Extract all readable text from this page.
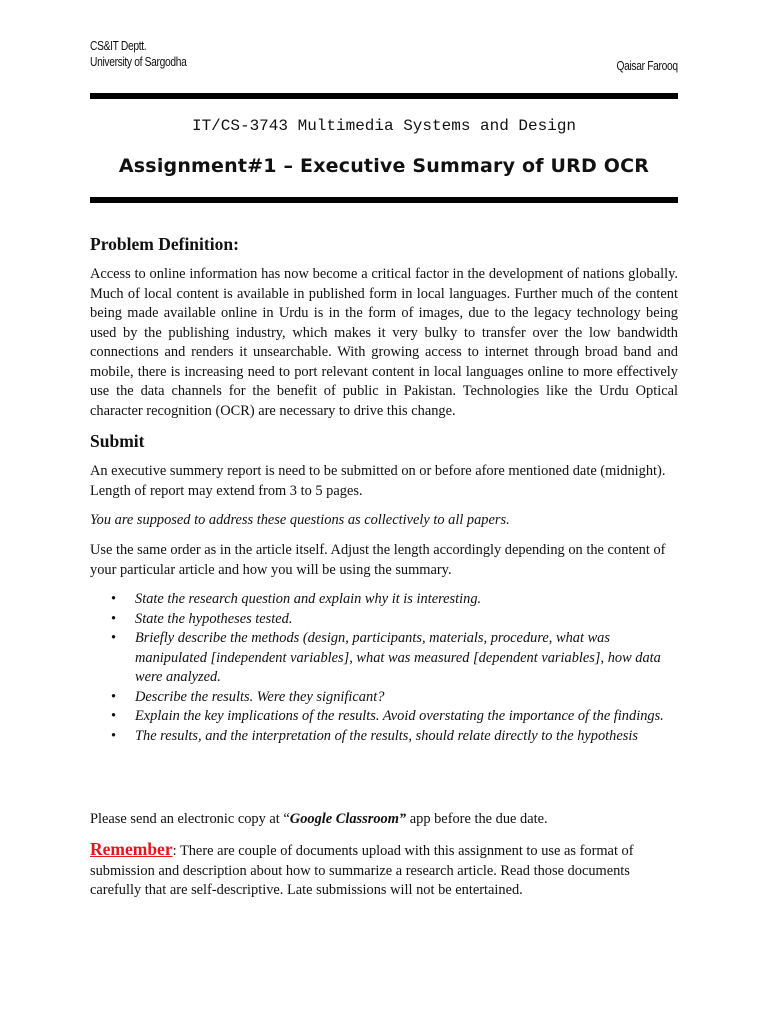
CS&IT Deptt.
University of Sargodha	Qaisar Farooq
IT/CS-3743 Multimedia Systems and Design
Assignment#1 – Executive Summary of URD OCR
Problem Definition:
Access to online information has now become a critical factor in the development of nations globally. Much of local content is available in published form in local languages. Further much of the content being made available online in Urdu is in the form of images, due to the legacy technology being used by the publishing industry, which makes it very bulky to transfer over the low bandwidth connections and renders it unsearchable. With growing access to internet through broad band and mobile, there is increasing need to port relevant content in local languages online to more effectively use the data channels for the benefit of public in Pakistan. Technologies like the Urdu Optical character recognition (OCR) are necessary to drive this change.
Submit
An executive summery report is need to be submitted on or before afore mentioned date (midnight). Length of report may extend from 3 to 5 pages.
You are supposed to address these questions as collectively to all papers.
Use the same order as in the article itself. Adjust the length accordingly depending on the content of your particular article and how you will be using the summary.
• State the research question and explain why it is interesting.
• State the hypotheses tested.
• Briefly describe the methods (design, participants, materials, procedure, what was manipulated [independent variables], what was measured [dependent variables], how data were analyzed.
• Describe the results. Were they significant?
• Explain the key implications of the results. Avoid overstating the importance of the findings.
• The results, and the interpretation of the results, should relate directly to the hypothesis
Please send an electronic copy at “Google Classroom” app before the due date.
Remember: There are couple of documents upload with this assignment to use as format of submission and description about how to summarize a research article. Read those documents carefully that are self-descriptive. Late submissions will not be entertained.
